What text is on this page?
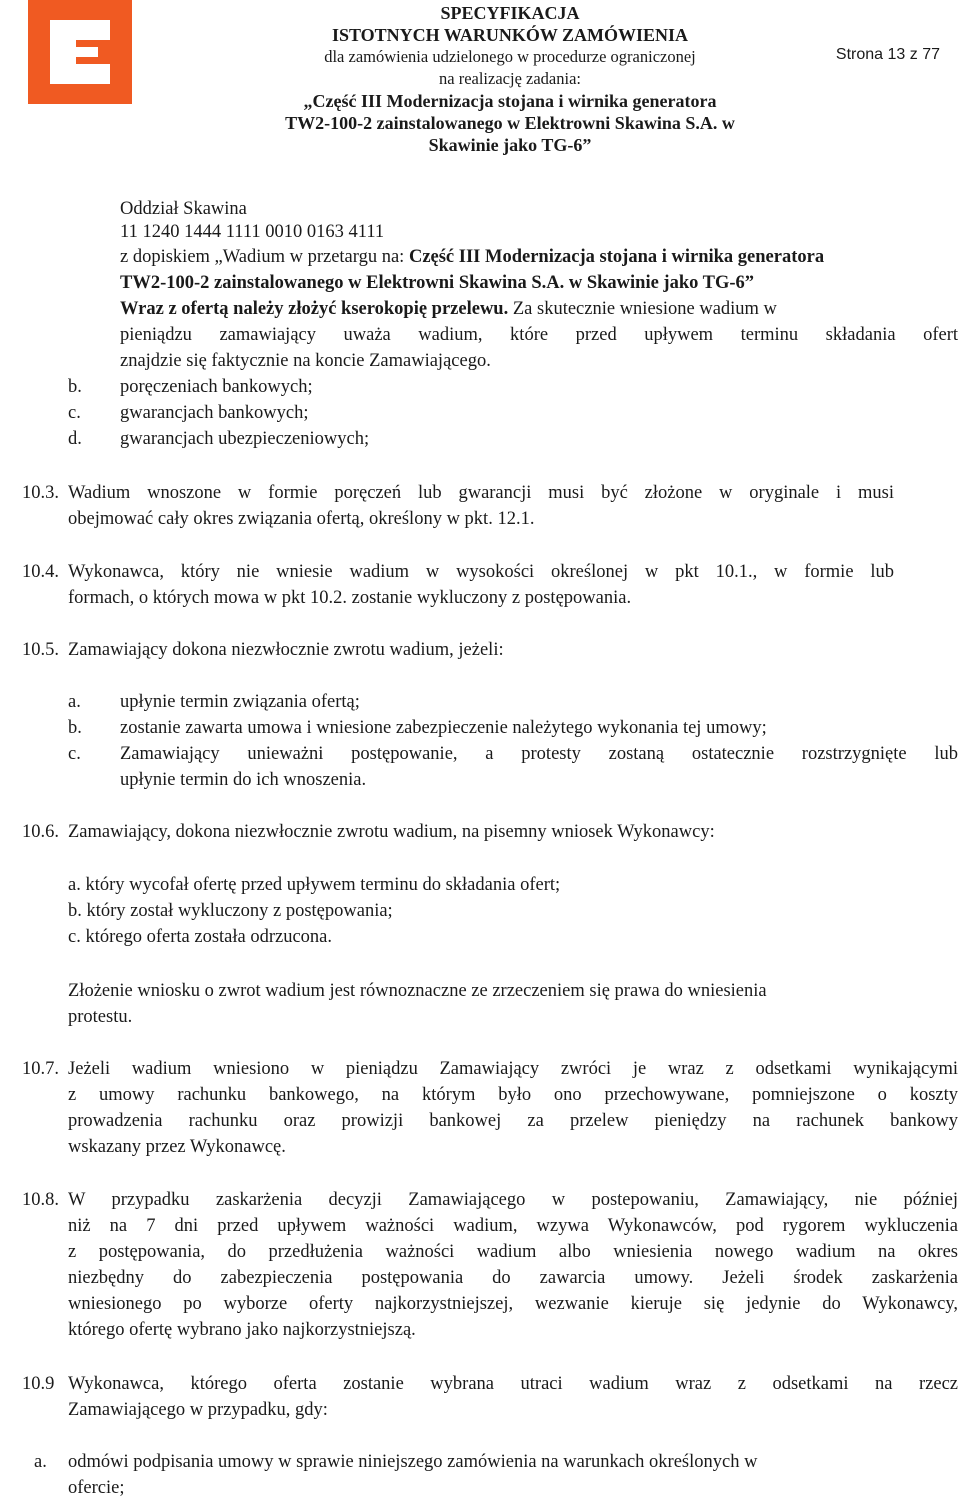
SPECYFIKACJA
ISTOTNYCH WARUNKÓW ZAMÓWIENIA
dla zamówienia udzielonego w procedurze ograniczonej
na realizację zadania:
„Część III Modernizacja stojana i wirnika generatora
TW2-100-2 zainstalowanego w Elektrowni Skawina S.A. w
Skawinie jako TG-6”
Strona 13 z 77
Oddział Skawina
11 1240 1444 1111 0010 0163 4111
z dopiskiem „Wadium w przetargu na: Część III Modernizacja stojana i wirnika generatora
TW2-100-2 zainstalowanego w Elektrowni Skawina S.A. w Skawinie jako TG-6”
Wraz z ofertą należy złożyć kserokopię przelewu. Za skutecznie wniesione wadium w
pieniądzu zamawiający uważa wadium, które przed upływem terminu składania ofert
znajdzie się faktycznie na koncie Zamawiającego.
b. poręczeniach bankowych;
c. gwarancjach bankowych;
d. gwarancjach ubezpieczeniowych;
10.3. Wadium wnoszone w formie poręczeń lub gwarancji musi być złożone w oryginale i musi
obejmować cały okres związania ofertą, określony w pkt. 12.1.
10.4. Wykonawca, który nie wniesie wadium w wysokości określonej w pkt 10.1., w formie lub
formach, o których mowa w pkt 10.2. zostanie wykluczony z postępowania.
10.5. Zamawiający dokona niezwłocznie zwrotu wadium, jeżeli:
a. upłynie termin związania ofertą;
b. zostanie zawarta umowa i wniesione zabezpieczenie należytego wykonania tej umowy;
c. Zamawiający unieważni postępowanie, a protesty zostaną ostatecznie rozstrzygnięte lub
upłynie termin do ich wnoszenia.
10.6. Zamawiający, dokona niezwłocznie zwrotu wadium, na pisemny wniosek Wykonawcy:
a. który wycofał ofertę przed upływem terminu do składania ofert;
b. który został wykluczony z postępowania;
c. którego oferta została odrzucona.
Złożenie wniosku o zwrot wadium jest równoznaczne ze zrzeczeniem się prawa do wniesienia
protestu.
10.7. Jeżeli wadium wniesiono w pieniądzu Zamawiający zwróci je wraz z odsetkami wynikającymi
z umowy rachunku bankowego, na którym było ono przechowywane, pomniejszone o koszty
prowadzenia rachunku oraz prowizji bankowej za przelew pieniędzy na rachunek bankowy
wskazany przez Wykonawcę.
10.8. W przypadku zaskarżenia decyzji Zamawiającego w postepowaniu, Zamawiający, nie później
niż na 7 dni przed upływem ważności wadium, wzywa Wykonawców, pod rygorem wykluczenia
z postępowania, do przedłużenia ważności wadium albo wniesienia nowego wadium na okres
niezbędny do zabezpieczenia postępowania do zawarcia umowy. Jeżeli środek zaskarżenia
wniesionego po wyborze oferty najkorzystniejszej, wezwanie kieruje się jedynie do Wykonawcy,
którego ofertę wybrano jako najkorzystniejszą.
10.9 Wykonawca, którego oferta zostanie wybrana utraci wadium wraz z odsetkami na rzecz
Zamawiającego w przypadku, gdy:
a. odmówi podpisania umowy w sprawie niniejszego zamówienia na warunkach określonych w
ofercie;
